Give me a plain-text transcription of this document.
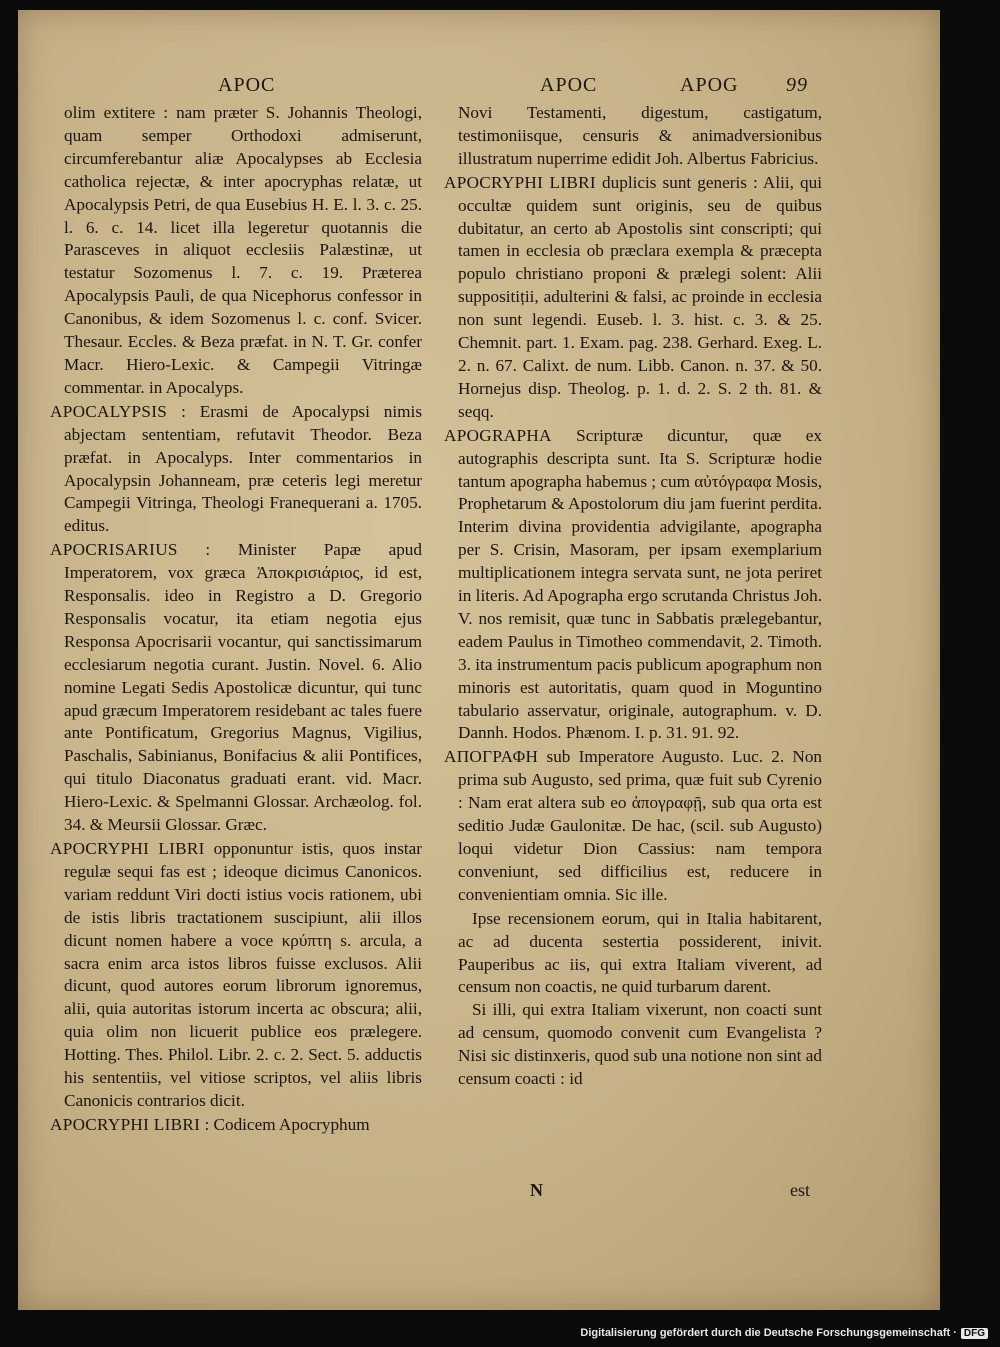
APOC	APOC	APOG 99

olim extitere : nam præter S. Johannis Theologi, quam semper Orthodoxi admiserunt, circumferebantur aliæ Apocalypses ab Ecclesia catholica rejectæ, & inter apocryphas relatæ, ut Apocalypsis Petri, de qua Eusebius H. E. l. 3. c. 25. l. 6. c. 14. licet illa legeretur quotannis die Parasceves in aliquot ecclesiis Palæstinæ, ut testatur Sozomenus l. 7. c. 19. Præterea Apocalypsis Pauli, de qua Nicephorus confessor in Canonibus, & idem Sozomenus l. c. conf. Svicer. Thesaur. Eccles. & Beza præfat. in N. T. Gr. confer Macr. Hiero-Lexic. & Campegii Vitringæ commentar. in Apocalyps.

APOCALYPSIS : Erasmi de Apocalypsi nimis abjectam sententiam, refutavit Theodor. Beza præfat. in Apocalyps. Inter commentarios in Apocalypsin Johanneam, præ ceteris legi meretur Campegii Vitringa, Theologi Franequerani a. 1705. editus.

APOCRISARIUS : Minister Papæ apud Imperatorem, vox græca Ἀποκρισιάριος, id est, Responsalis. ideo in Registro a D. Gregorio Responsalis vocatur, ita etiam negotia ejus Responsa Apocrisarii vocantur, qui sanctissimarum ecclesiarum negotia curant. Justin. Novel. 6. Alio nomine Legati Sedis Apostolicæ dicuntur, qui tunc apud græcum Imperatorem residebant ac tales fuere ante Pontificatum, Gregorius Magnus, Vigilius, Paschalis, Sabinianus, Bonifacius & alii Pontifices, qui titulo Diaconatus graduati erant. vid. Macr. Hiero-Lexic. & Spelmanni Glossar. Archæolog. fol. 34. & Meursii Glossar. Græc.

APOCRYPHI LIBRI opponuntur istis, quos instar regulæ sequi fas est ; ideoque dicimus Canonicos. variam reddunt Viri docti istius vocis rationem, ubi de istis libris tractationem suscipiunt, alii illos dicunt nomen habere a voce κρύπτη s. arcula, a sacra enim arca istos libros fuisse exclusos. Alii dicunt, quod autores eorum librorum ignoremus, alii, quia autoritas istorum incerta ac obscura; alii, quia olim non licuerit publice eos prælegere. Hotting. Thes. Philol. Libr. 2. c. 2. Sect. 5. adductis his sententiis, vel vitiose scriptos, vel aliis libris Canonicis contrarios dicit.

APOCRYPHI LIBRI : Codicem Apocryphum

Novi Testamenti, digestum, castigatum, testimoniisque, censuris & animadversionibus illustratum nuperrime edidit Joh. Albertus Fabricius.

APOCRYPHI LIBRI duplicis sunt generis : Alii, qui occultæ quidem sunt originis, seu de quibus dubitatur, an certo ab Apostolis sint conscripti; qui tamen in ecclesia ob præclara exempla & præcepta populo christiano proponi & prælegi solent: Alii suppositiții, adulterini & falsi, ac proinde in ecclesia non sunt legendi. Euseb. l. 3. hist. c. 3. & 25. Chemnit. part. 1. Exam. pag. 238. Gerhard. Exeg. L. 2. n. 67. Calixt. de num. Libb. Canon. n. 37. & 50. Hornejus disp. Theolog. p. 1. d. 2. S. 2 th. 81. & seqq.

APOGRAPHA Scripturæ dicuntur, quæ ex autographis descripta sunt. Ita S. Scripturæ hodie tantum apographa habemus ; cum αὐτόγραφα Mosis, Prophetarum & Apostolorum diu jam fuerint perdita. Interim divina providentia advigilante, apographa per S. Crisin, Masoram, per ipsam exemplarium multiplicationem integra servata sunt, ne jota periret in literis. Ad Apographa ergo scrutanda Christus Joh. V. nos remisit, quæ tunc in Sabbatis prælegebantur, eadem Paulus in Timotheo commendavit, 2. Timoth. 3. ita instrumentum pacis publicum apographum non minoris est autoritatis, quam quod in Moguntino tabulario asservatur, originale, autographum. v. D. Dannh. Hodos. Phænom. I. p. 31. 91. 92.

ΑΠΟΓΡΑΦΗ sub Imperatore Augusto. Luc. 2. Non prima sub Augusto, sed prima, quæ fuit sub Cyrenio : Nam erat altera sub eo ἀπογραφῇ, sub qua orta est seditio Judæ Gaulonitæ. De hac, (scil. sub Augusto) loqui videtur Dion Cassius: nam tempora conveniunt, sed difficilius est, reducere in convenientiam omnia. Sic ille.

Ipse recensionem eorum, qui in Italia habitarent, ac ad ducenta sestertia possiderent, inivit. Pauperibus ac iis, qui extra Italiam viverent, ad censum non coactis, ne quid turbarum darent.

Si illi, qui extra Italiam vixerunt, non coacti sunt ad censum, quomodo convenit cum Evangelista ? Nisi sic distinxeris, quod sub una notione non sint ad censum coacti : id

N	est
Digitalisierung gefördert durch die Deutsche Forschungsgemeinschaft · DFG
